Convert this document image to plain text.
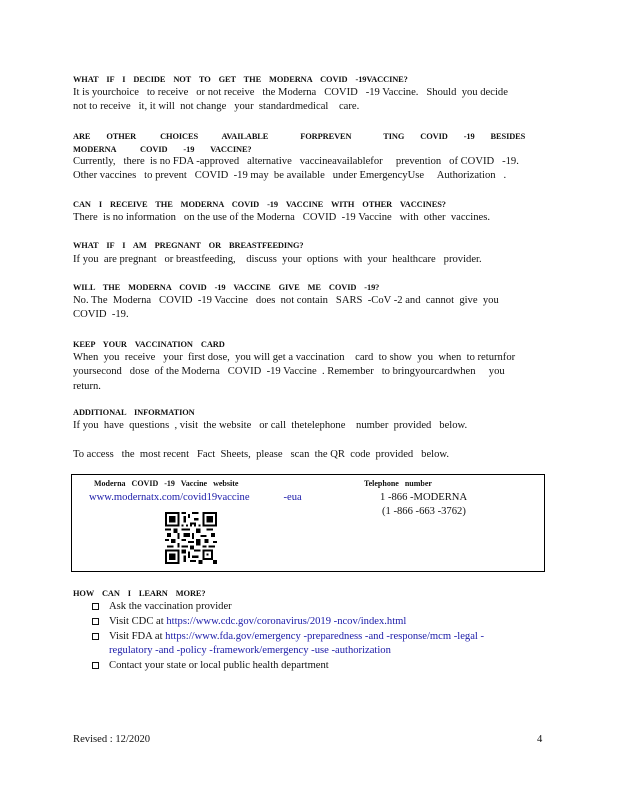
WHAT IF I DECIDE NOT TO GET THE MODERNA COVID -19VACCINE?
It is yourchoice   to receive   or not receive   the Moderna   COVID   -19 Vaccine.   Should  you decide
not to receive   it, it will  not change   your  standardmedical    care.
ARE  OTHER   CHOICES   AVAILABLE    FORPREVEN    TING  COVID  -19  BESIDES
MODERNA   COVID  -19  VACCINE?
Currently,   there  is no FDA -approved   alternative   vaccineavailablefor     prevention   of COVID   -19.
Other vaccines   to prevent   COVID  -19 may  be available   under EmergencyUse     Authorization   .
CAN I RECEIVE THE MODERNA COVID -19 VACCINE WITH OTHER VACCINES?
There  is no information   on the use of the Moderna   COVID  -19 Vaccine   with  other  vaccines.
WHAT IF I AM PREGNANT OR BREASTFEEDING?
If you  are pregnant   or breastfeeding,    discuss  your  options  with  your  healthcare   provider.
WILL THE MODERNA COVID -19 VACCINE GIVE ME COVID -19?
No. The  Moderna   COVID  -19 Vaccine   does  not contain   SARS  -CoV -2 and  cannot  give  you
COVID  -19.
KEEP YOUR VACCINATION CARD
When  you  receive   your  first dose,  you will get a vaccination    card  to show  you  when  to returnfor
yoursecond   dose  of the Moderna   COVID  -19 Vaccine  . Remember   to bringyourcardwhen     you
return.
ADDITIONAL INFORMATION
If you  have  questions  , visit  the website   or call  thetelephone    number  provided   below.
To access   the  most recent   Fact  Sheets,  please   scan  the QR  code  provided   below.
Moderna COVID -19 Vaccine website	Telephone number
www.modernatx.com/covid19vaccine	-eua	1 -866 -MODERNA
(1 -866 -663 -3762)
HOW CAN I LEARN MORE?
Ask the vaccination provider
Visit CDC at https://www.cdc.gov/coronavirus/2019 -ncov/index.html
Visit FDA at https://www.fda.gov/emergency -preparedness -and -response/mcm -legal -
regulatory -and -policy -framework/emergency -use -authorization
Contact your state or local public health department
Revised : 12/2020	4
